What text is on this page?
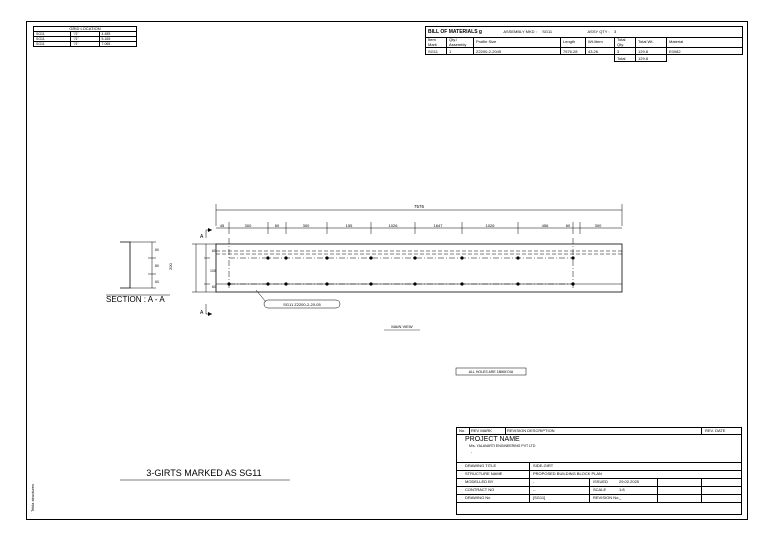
GRID LOCATION		
SG11	"/1"	4.485
SG11	"/1"	5.165
SG11	"/1"	7.065
BILL OF MATERIALS g ASSEMBLY MKD : SG11 ASSY QTY : 3							
Item Mark	Qty./ Assembly	Profile Size	Length	Wt./item	Total Qty.	Total Wt.	Material
SG11	1	Z2200-2-2045	7576.28	43.26	3	129.8	E0082
					Total	129.8	
7576
45	300	60	300	155	1026	1647	1026	456	60	300
200
60
100
60
60
80
60
A
A
SECTION : A - A
SG11 Z2200-2-20-05
MAIN VIEW
ALL HOLES ARE 18MM DIA
3-GIRTS MARKED AS SG11
Tekla structures
No. REV MARK	REVISION DESCRIPTION	REV. DATE
PROJECT NAME
M/s. YALAVARTI ENGINEERING PVT LTD
-
DRAWING TITLE	SIDE-GIRT
STRUCTURE NAME	PROPOSED BUILDING BLOCK PLAN
MODELLED BY	-	ISSUED	29.02.2025
CONTRACT NO	--	SCALE	1:8
DRAWING No	[SG11]	REVISION No. _
